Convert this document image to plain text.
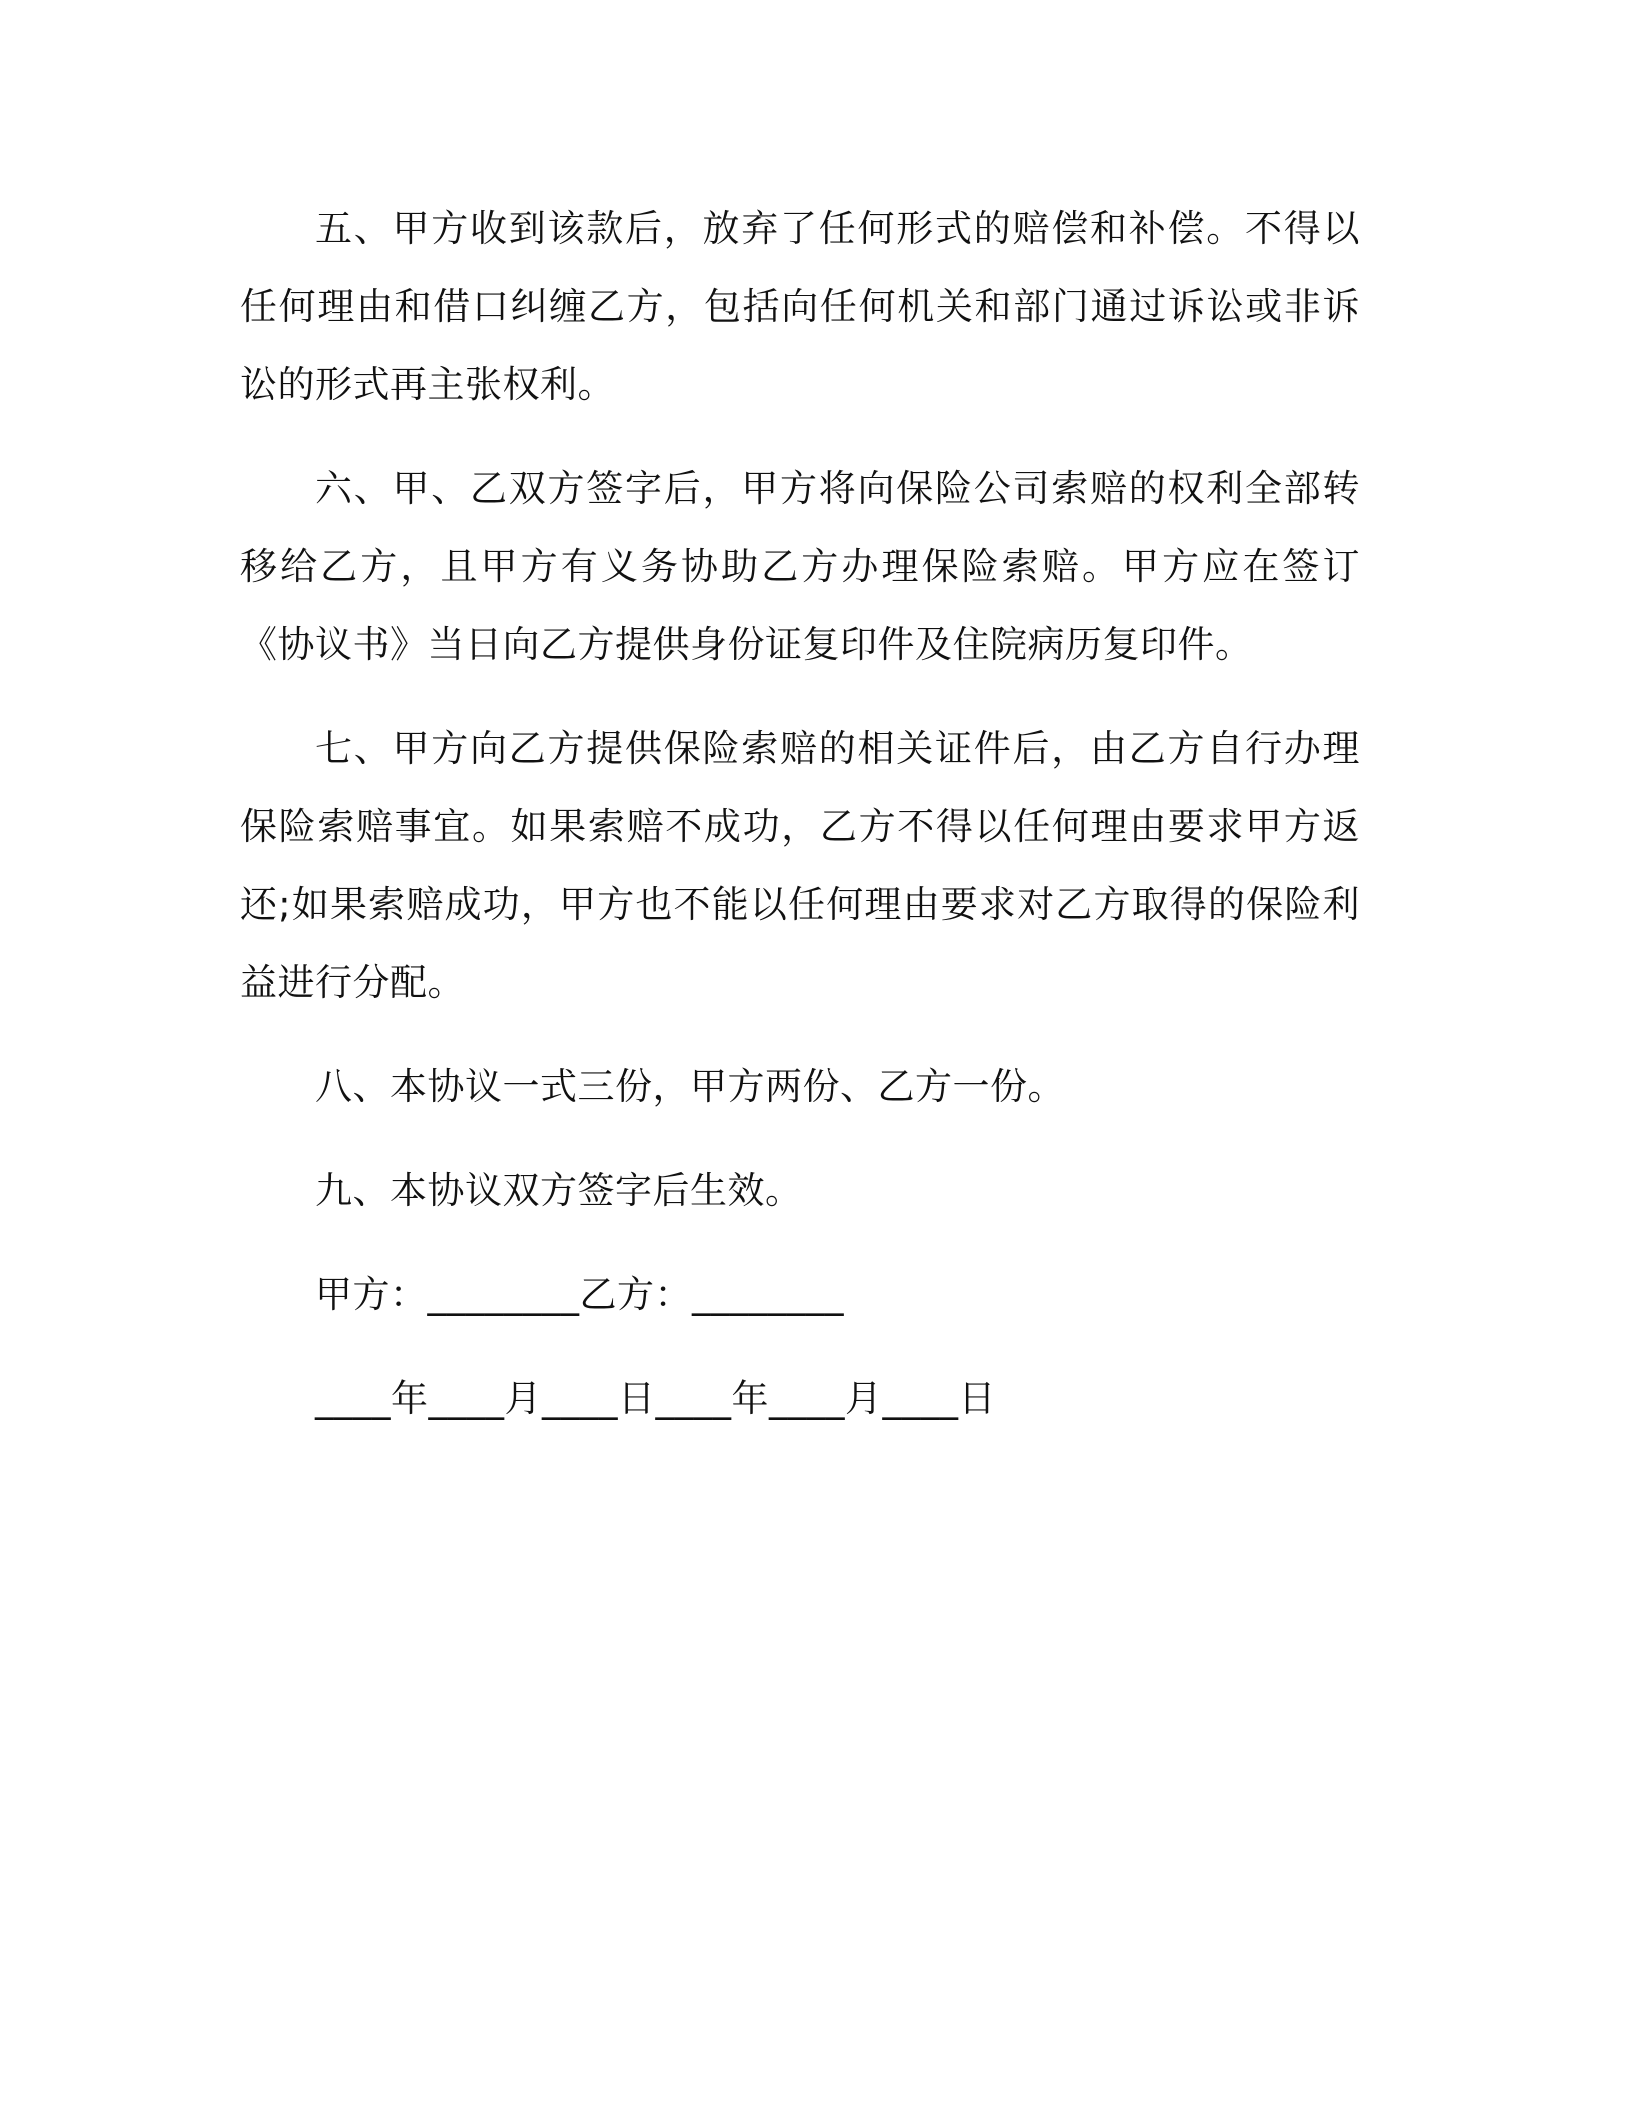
五、甲方收到该款后，放弃了任何形式的赔偿和补偿。不得以任何理由和借口纠缠乙方，包括向任何机关和部门通过诉讼或非诉讼的形式再主张权利。

六、甲、乙双方签字后，甲方将向保险公司索赔的权利全部转移给乙方，且甲方有义务协助乙方办理保险索赔。甲方应在签订《协议书》当日向乙方提供身份证复印件及住院病历复印件。

七、甲方向乙方提供保险索赔的相关证件后，由乙方自行办理保险索赔事宜。如果索赔不成功，乙方不得以任何理由要求甲方返还;如果索赔成功，甲方也不能以任何理由要求对乙方取得的保险利益进行分配。

八、本协议一式三份，甲方两份、乙方一份。

九、本协议双方签字后生效。

甲方：________乙方：________

____年____月____日____年____月____日
